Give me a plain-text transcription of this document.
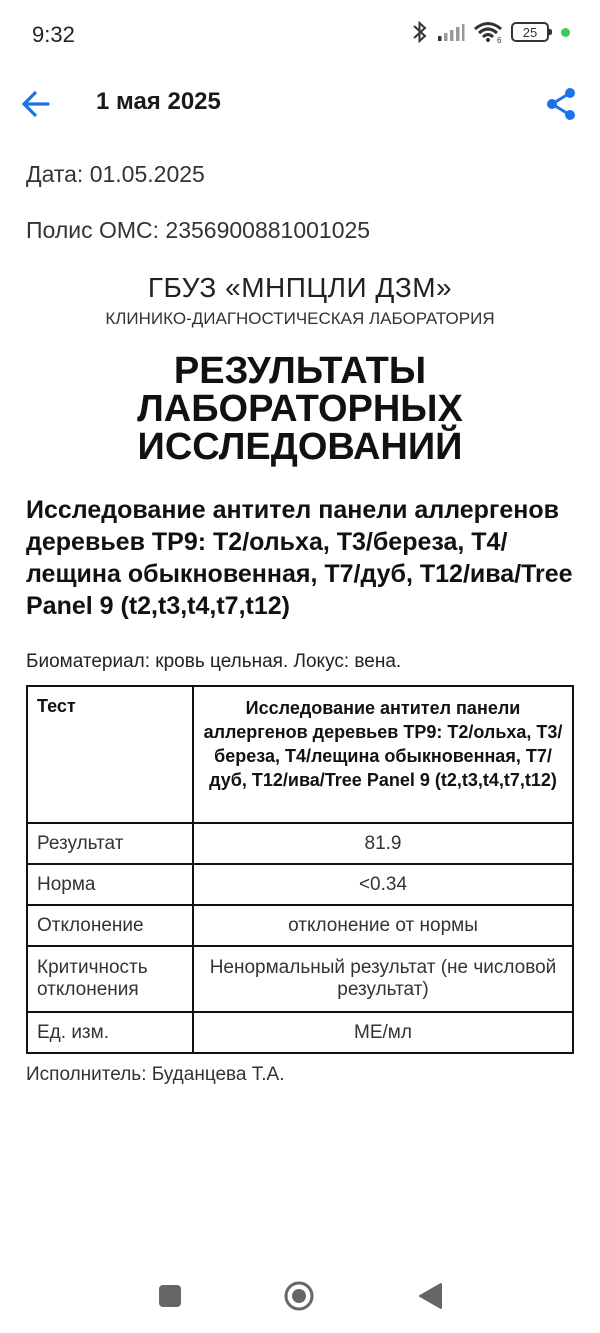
9:32	6
25
1 мая 2025
Дата: 01.05.2025
Полис ОМС: 2356900881001025
ГБУЗ «МНПЦЛИ ДЗМ»
КЛИНИКО-ДИАГНОСТИЧЕСКАЯ ЛАБОРАТОРИЯ
РЕЗУЛЬТАТЫ
ЛАБОРАТОРНЫХ
ИССЛЕДОВАНИЙ
Исследование антител панели аллергенов деревьев ТР9: Т2/ольха, Т3/береза, Т4/лещина обыкновенная, Т7/дуб, Т12/ива/Tree Panel 9 (t2,t3,t4,t7,t12)
Биоматериал: кровь цельная. Локус: вена.
Тест	Исследование антител панели аллергенов деревьев ТР9: Т2/ольха, Т3/береза, Т4/лещина обыкновенная, Т7/дуб, Т12/ива/Tree Panel 9 (t2,t3,t4,t7,t12)
Результат	81.9
Норма	<0.34
Отклонение	отклонение от нормы
Критичность отклонения	Ненормальный результат (не числовой результат)
Ед. изм.	МЕ/мл
Исполнитель: Буданцева Т.А.
